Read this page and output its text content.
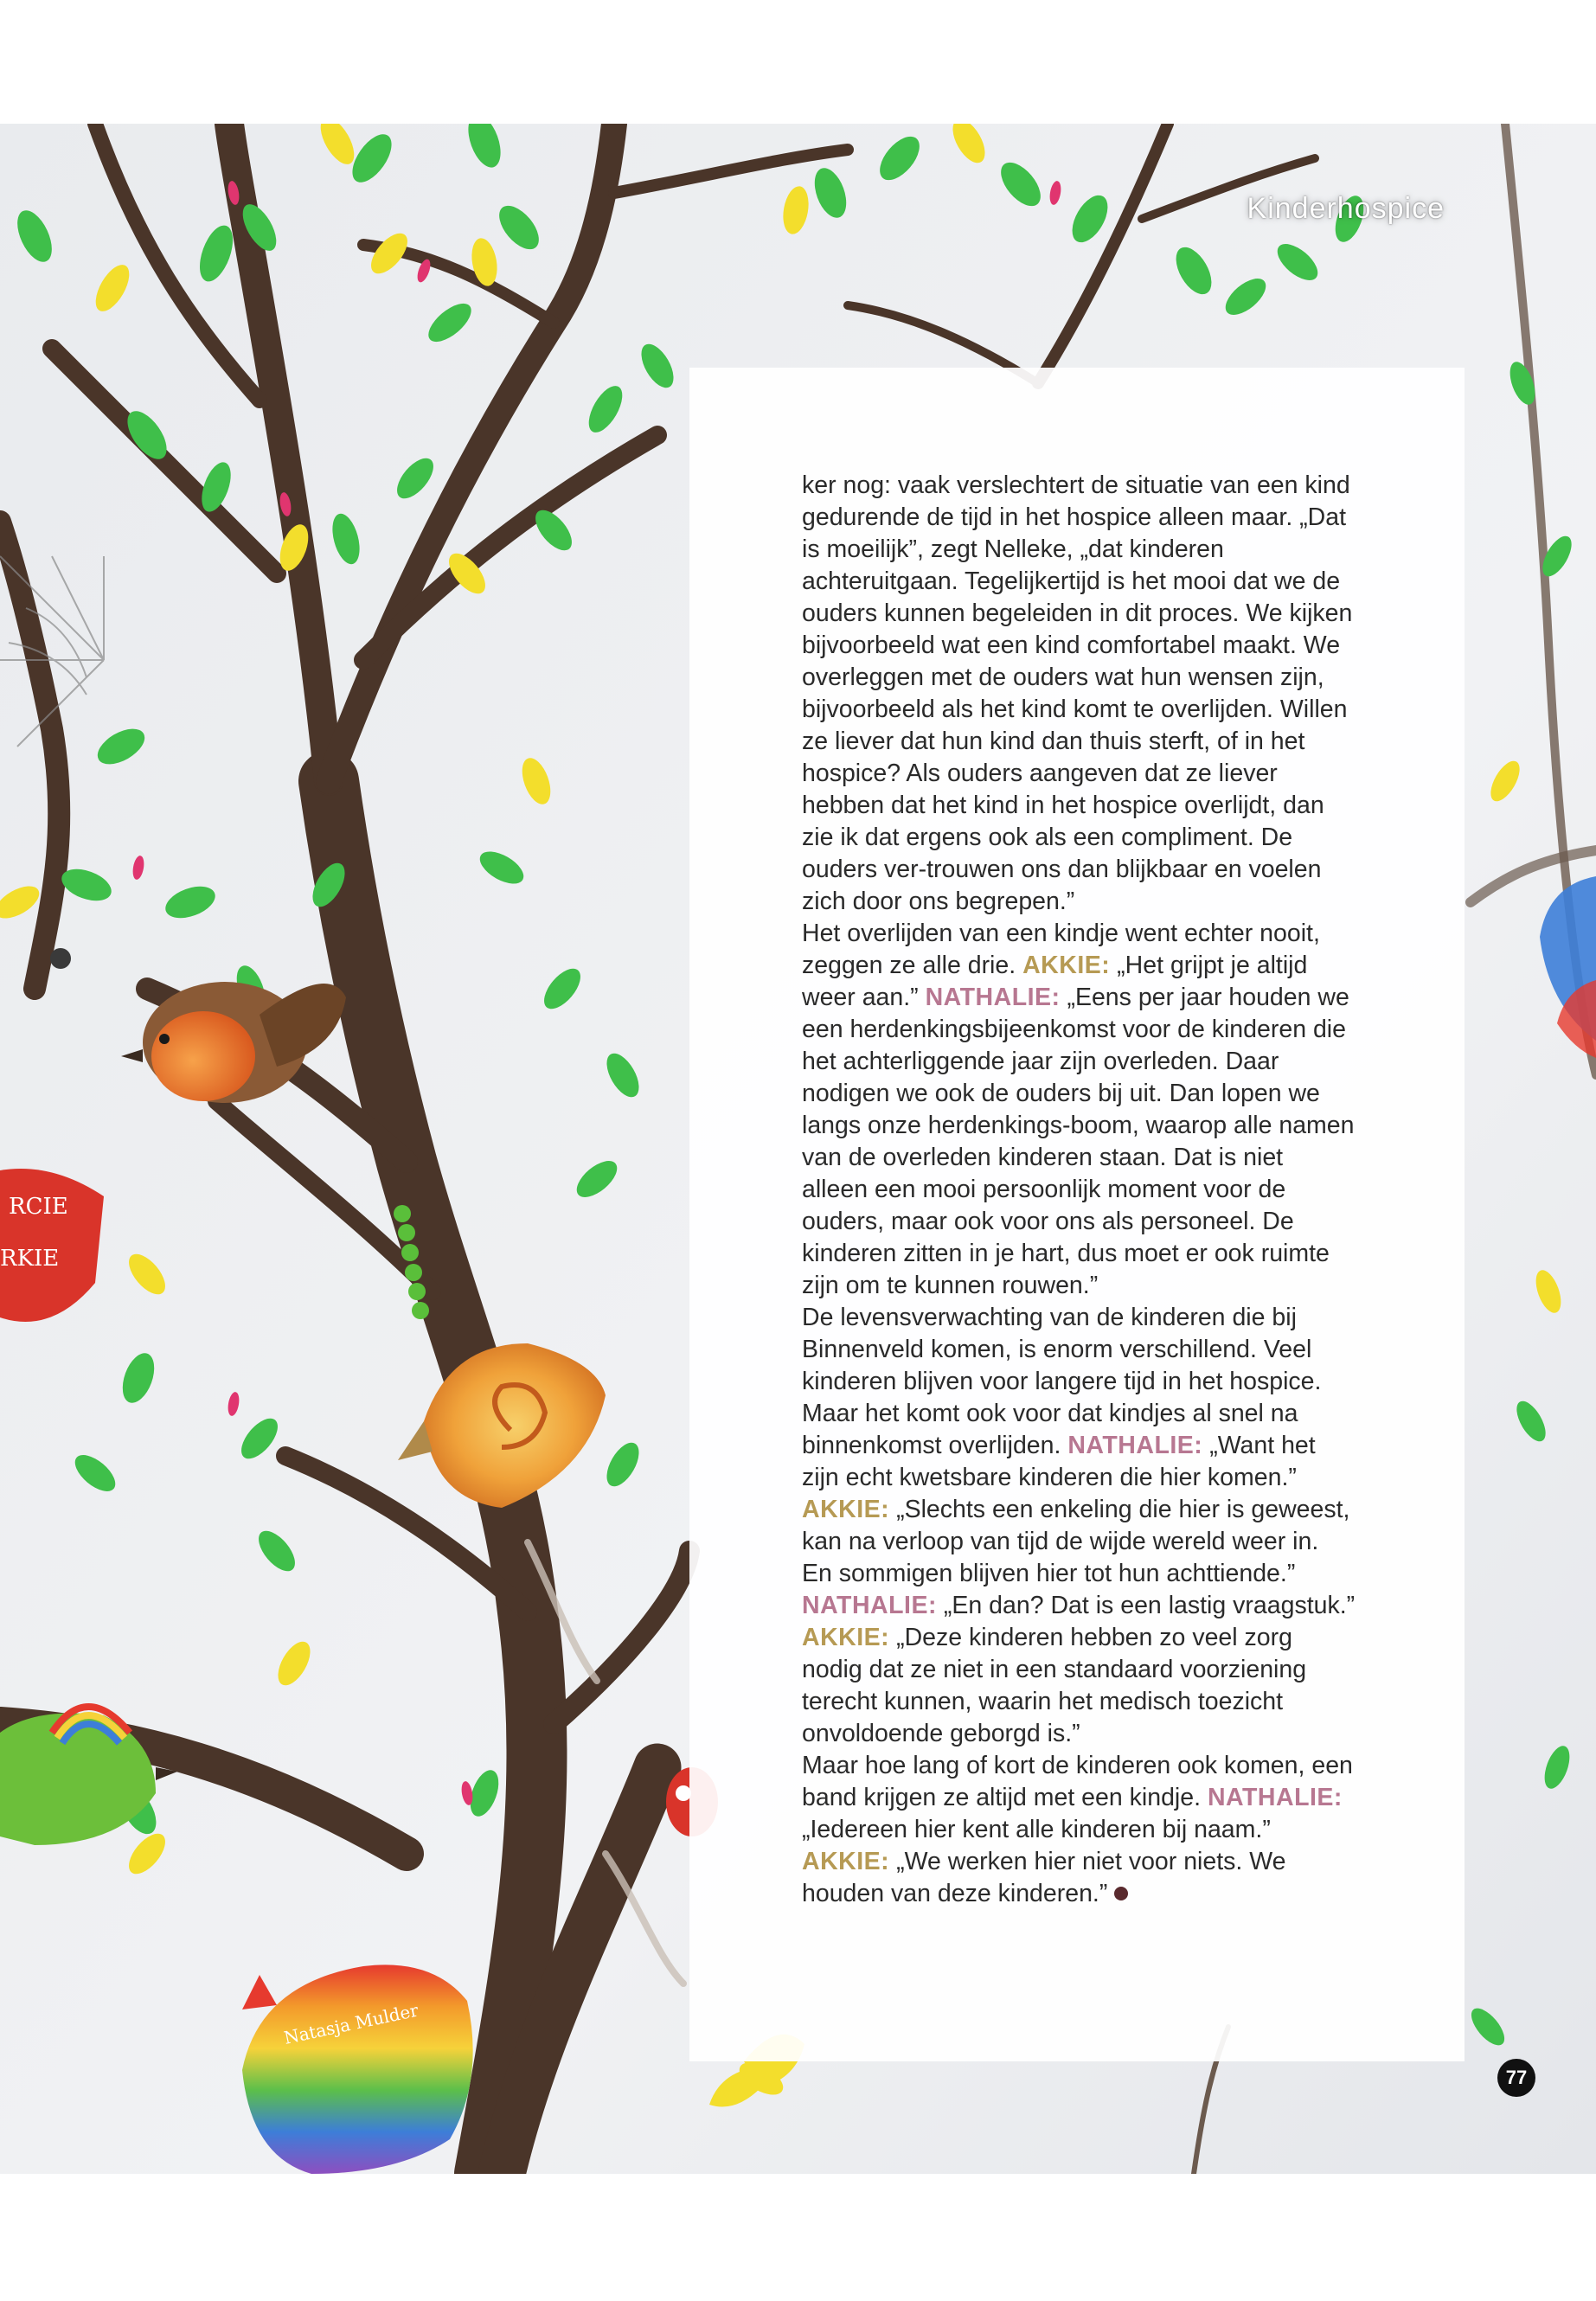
RCIE
RKIE
Natasja Mulder
Kinderhospice

ker nog: vaak verslechtert de situatie van een kind gedurende de tijd in het hospice alleen maar. „Dat is moeilijk”, zegt Nelleke, „dat kinderen achteruitgaan. Tegelijkertijd is het mooi dat we de ouders kunnen begeleiden in dit proces. We kijken bijvoorbeeld wat een kind comfortabel maakt. We overleggen met de ouders wat hun wensen zijn, bijvoorbeeld als het kind komt te overlijden. Willen ze liever dat hun kind dan thuis sterft, of in het hospice? Als ouders aangeven dat ze liever hebben dat het kind in het hospice overlijdt, dan zie ik dat ergens ook als een compliment. De ouders ver-trouwen ons dan blijkbaar en voelen zich door ons begrepen.”

Het overlijden van een kindje went echter nooit, zeggen ze alle drie. AKKIE: „Het grijpt je altijd weer aan.” NATHALIE: „Eens per jaar houden we een herdenkingsbijeenkomst voor de kinderen die het achterliggende jaar zijn overleden. Daar nodigen we ook de ouders bij uit. Dan lopen we langs onze herdenkings-boom, waarop alle namen van de overleden kinderen staan. Dat is niet alleen een mooi persoonlijk moment voor de ouders, maar ook voor ons als personeel. De kinderen zitten in je hart, dus moet er ook ruimte zijn om te kunnen rouwen.”

De levensverwachting van de kinderen die bij Binnenveld komen, is enorm verschillend. Veel kinderen blijven voor langere tijd in het hospice. Maar het komt ook voor dat kindjes al snel na binnenkomst overlijden. NATHALIE: „Want het zijn echt kwetsbare kinderen die hier komen.” AKKIE: „Slechts een enkeling die hier is geweest, kan na verloop van tijd de wijde wereld weer in. En sommigen blijven hier tot hun achttiende.” NATHALIE: „En dan? Dat is een lastig vraagstuk.” AKKIE: „Deze kinderen hebben zo veel zorg nodig dat ze niet in een standaard voorziening terecht kunnen, waarin het medisch toezicht onvoldoende geborgd is.”

Maar hoe lang of kort de kinderen ook komen, een band krijgen ze altijd met een kindje. NATHALIE: „Iedereen hier kent alle kinderen bij naam.” AKKIE: „We werken hier niet voor niets. We houden van deze kinderen.”

77
